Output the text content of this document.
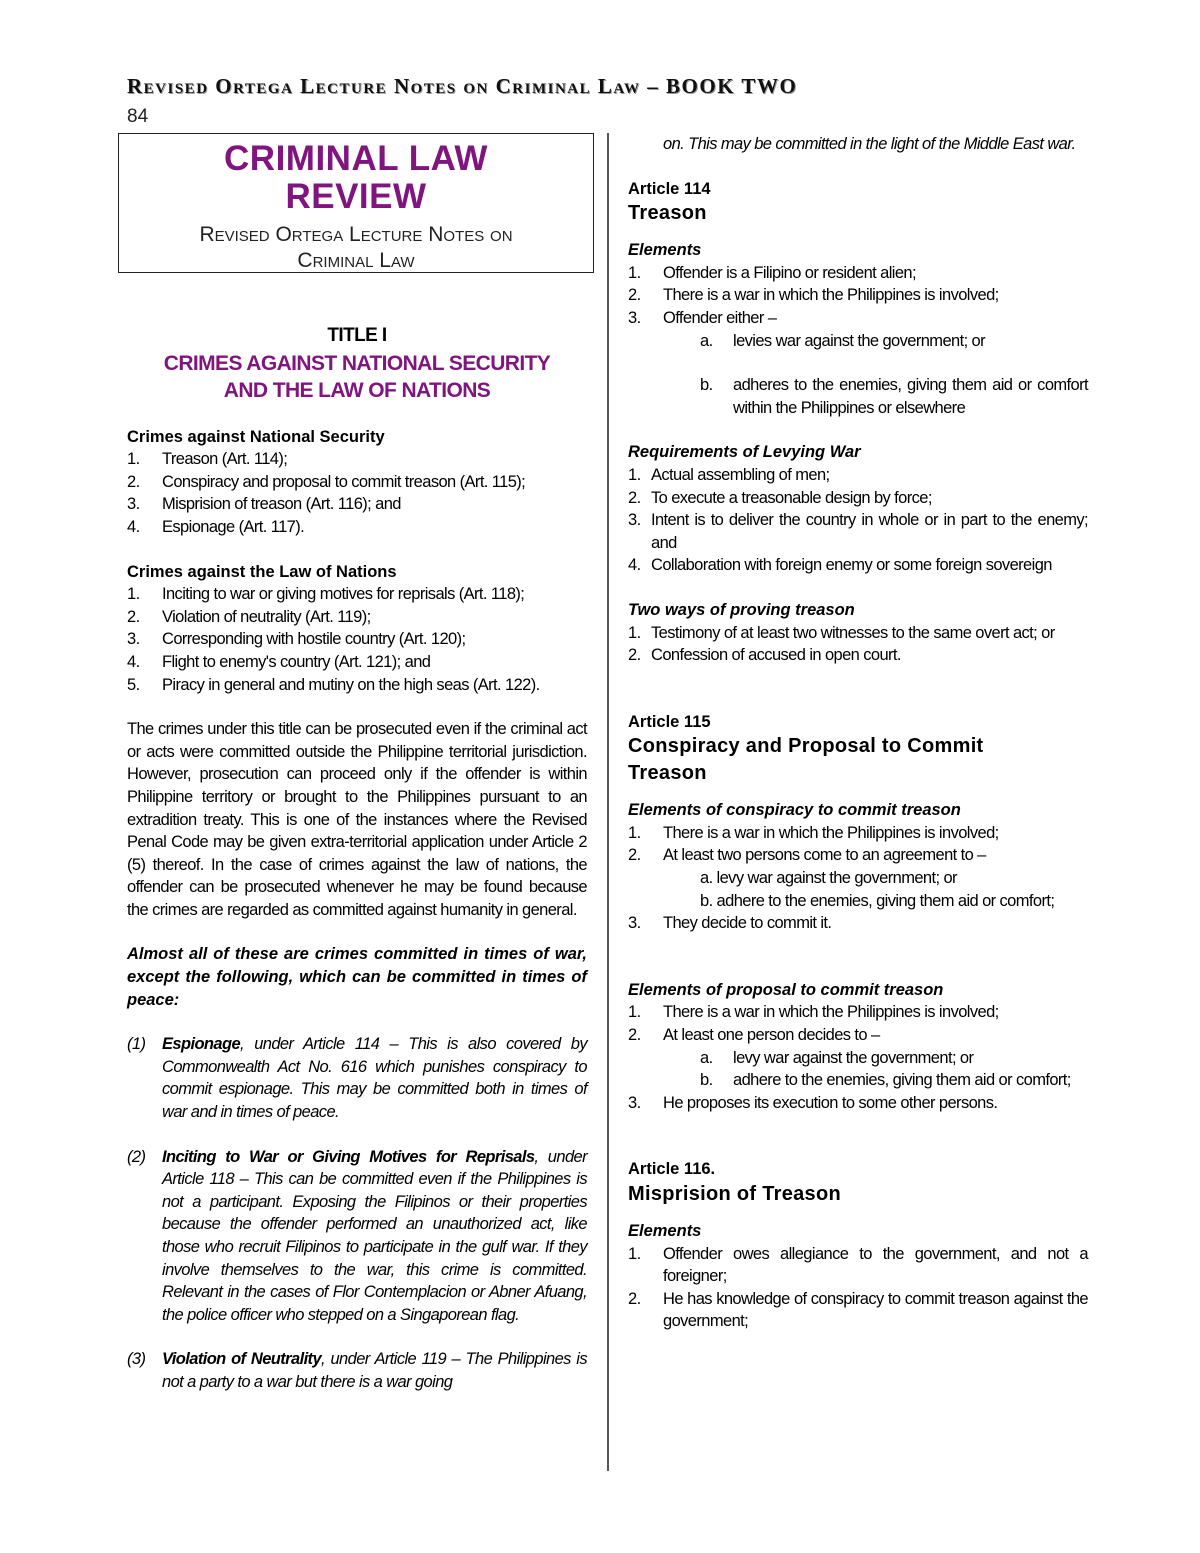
Revised Ortega Lecture Notes on Criminal Law – BOOK TWO
84
CRIMINAL LAW
REVIEW
Revised Ortega Lecture Notes on
Criminal Law
TITLE I
CRIMES AGAINST NATIONAL SECURITY
AND THE LAW OF NATIONS
Crimes against National Security
1. Treason (Art. 114);
2. Conspiracy and proposal to commit treason (Art. 115);
3. Misprision of treason (Art. 116); and
4. Espionage (Art. 117).
Crimes against the Law of Nations
1. Inciting to war or giving motives for reprisals (Art. 118);
2. Violation of neutrality (Art. 119);
3. Corresponding with hostile country (Art. 120);
4. Flight to enemy's country (Art. 121); and
5. Piracy in general and mutiny on the high seas (Art. 122).
The crimes under this title can be prosecuted even if the criminal act or acts were committed outside the Philippine territorial jurisdiction. However, prosecution can proceed only if the offender is within Philippine territory or brought to the Philippines pursuant to an extradition treaty. This is one of the instances where the Revised Penal Code may be given extra-territorial application under Article 2 (5) thereof. In the case of crimes against the law of nations, the offender can be prosecuted whenever he may be found because the crimes are regarded as committed against humanity in general.
Almost all of these are crimes committed in times of war, except the following, which can be committed in times of peace:
(1) Espionage, under Article 114 – This is also covered by Commonwealth Act No. 616 which punishes conspiracy to commit espionage. This may be committed both in times of war and in times of peace.
(2) Inciting to War or Giving Motives for Reprisals, under Article 118 – This can be committed even if the Philippines is not a participant. Exposing the Filipinos or their properties because the offender performed an unauthorized act, like those who recruit Filipinos to participate in the gulf war. If they involve themselves to the war, this crime is committed. Relevant in the cases of Flor Contemplacion or Abner Afuang, the police officer who stepped on a Singaporean flag.
(3) Violation of Neutrality, under Article 119 – The Philippines is not a party to a war but there is a war going
on. This may be committed in the light of the Middle East war.
Article 114
Treason
Elements
1. Offender is a Filipino or resident alien;
2. There is a war in which the Philippines is involved;
3. Offender either –
a. levies war against the government; or
b. adheres to the enemies, giving them aid or comfort within the Philippines or elsewhere
Requirements of Levying War
1. Actual assembling of men;
2. To execute a treasonable design by force;
3. Intent is to deliver the country in whole or in part to the enemy; and
4. Collaboration with foreign enemy or some foreign sovereign
Two ways of proving treason
1. Testimony of at least two witnesses to the same overt act; or
2. Confession of accused in open court.
Article 115
Conspiracy and Proposal to Commit
Treason
Elements of conspiracy to commit treason
1. There is a war in which the Philippines is involved;
2. At least two persons come to an agreement to –
a. levy war against the government; or
b. adhere to the enemies, giving them aid or comfort;
3. They decide to commit it.
Elements of proposal to commit treason
1. There is a war in which the Philippines is involved;
2. At least one person decides to –
a. levy war against the government; or
b. adhere to the enemies, giving them aid or comfort;
3. He proposes its execution to some other persons.
Article 116.
Misprision of Treason
Elements
1. Offender owes allegiance to the government, and not a foreigner;
2. He has knowledge of conspiracy to commit treason against the government;
